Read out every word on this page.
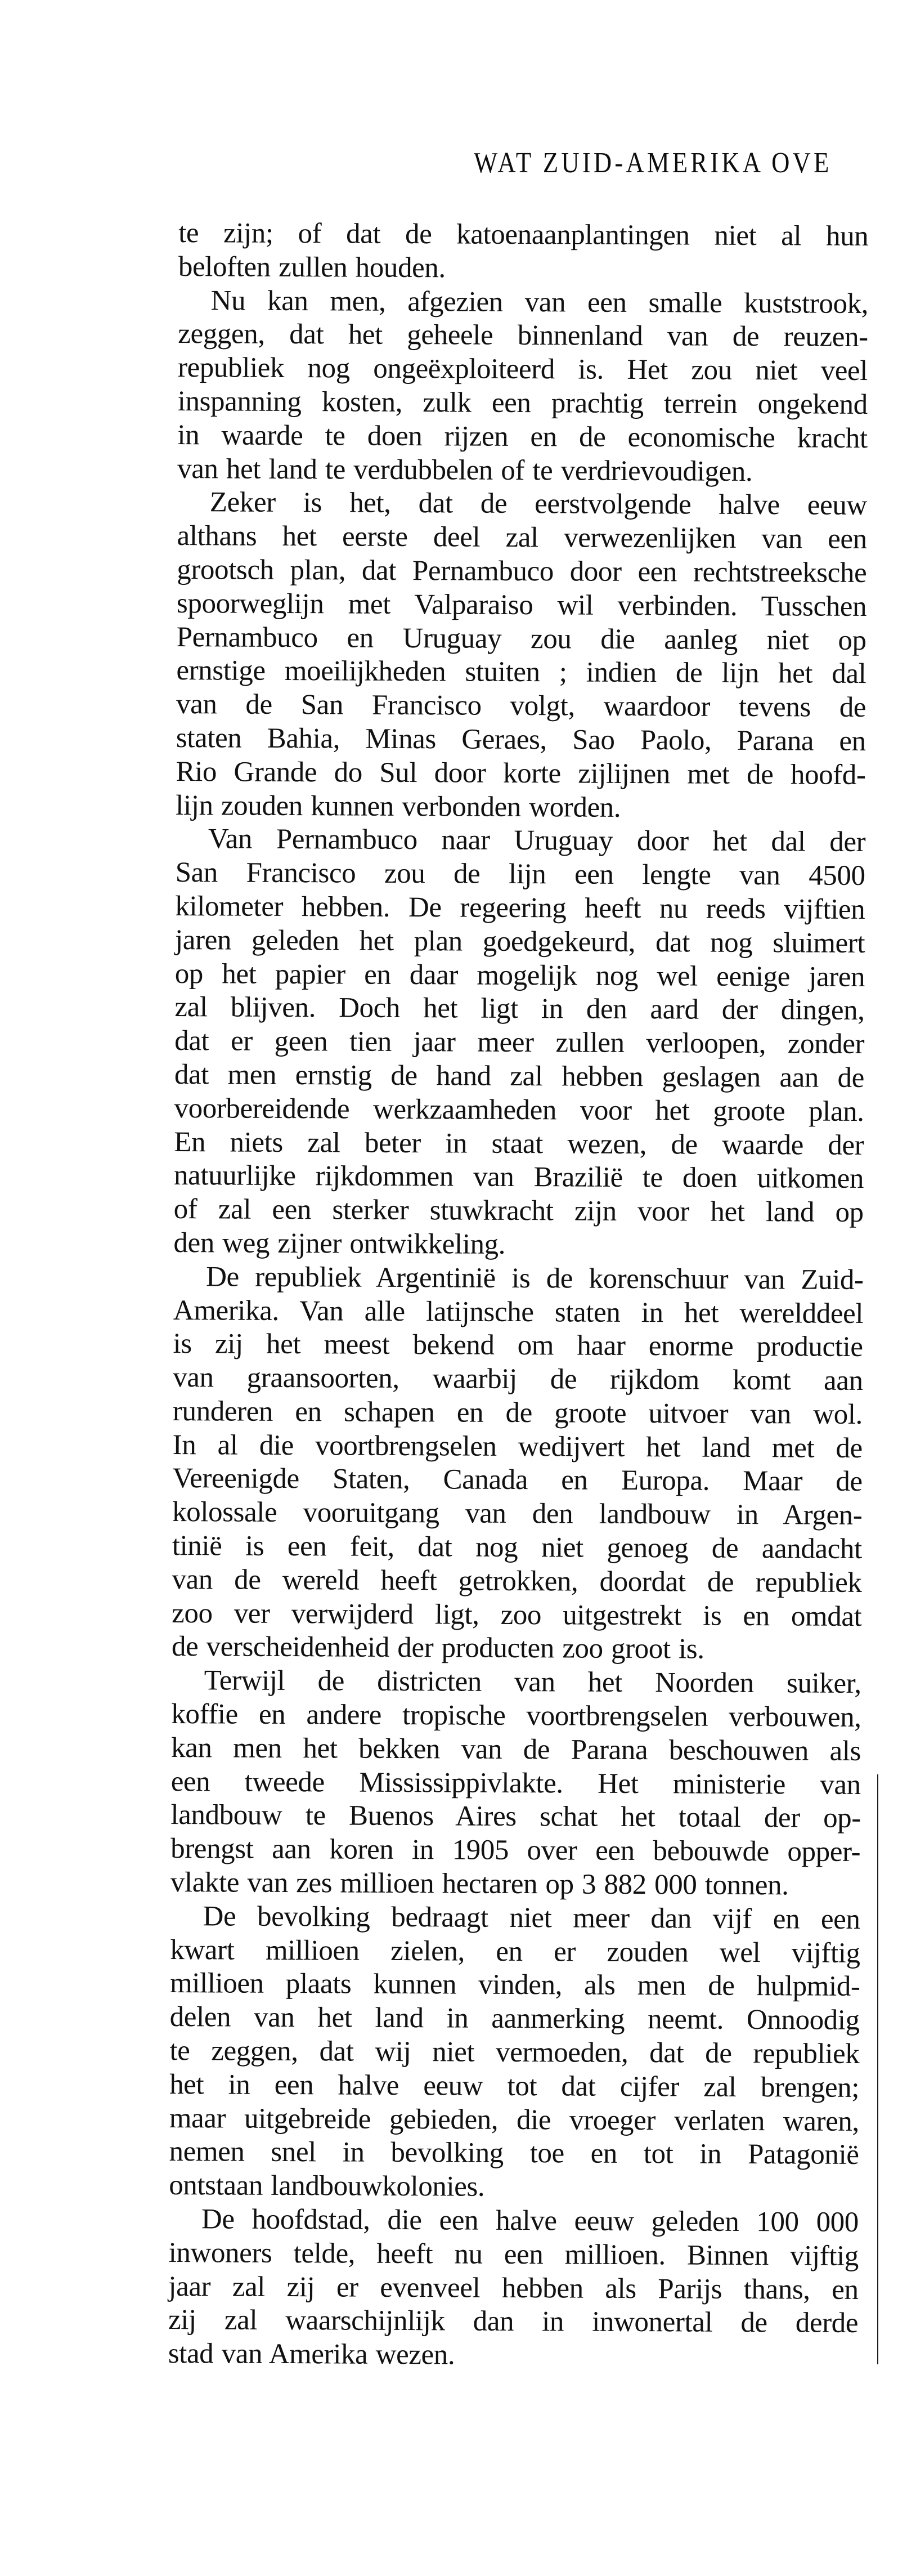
WAT ZUID-AMERIKA OVE
te zijn; of dat de katoenaanplantingen niet al hun
beloften zullen houden.
Nu kan men, afgezien van een smalle kuststrook,
zeggen, dat het geheele binnenland van de reuzen-
republiek nog ongeëxploiteerd is. Het zou niet veel
inspanning kosten, zulk een prachtig terrein ongekend
in waarde te doen rijzen en de economische kracht
van het land te verdubbelen of te verdrievoudigen.
Zeker is het, dat de eerstvolgende halve eeuw
althans het eerste deel zal verwezenlijken van een
grootsch plan, dat Pernambuco door een rechtstreeksche
spoorweglijn met Valparaiso wil verbinden. Tusschen
Pernambuco en Uruguay zou die aanleg niet op
ernstige moeilijkheden stuiten ; indien de lijn het dal
van de San Francisco volgt, waardoor tevens de
staten Bahia, Minas Geraes, Sao Paolo, Parana en
Rio Grande do Sul door korte zijlijnen met de hoofd-
lijn zouden kunnen verbonden worden.
Van Pernambuco naar Uruguay door het dal der
San Francisco zou de lijn een lengte van 4500
kilometer hebben. De regeering heeft nu reeds vijftien
jaren geleden het plan goedgekeurd, dat nog sluimert
op het papier en daar mogelijk nog wel eenige jaren
zal blijven. Doch het ligt in den aard der dingen,
dat er geen tien jaar meer zullen verloopen, zonder
dat men ernstig de hand zal hebben geslagen aan de
voorbereidende werkzaamheden voor het groote plan.
En niets zal beter in staat wezen, de waarde der
natuurlijke rijkdommen van Brazilië te doen uitkomen
of zal een sterker stuwkracht zijn voor het land op
den weg zijner ontwikkeling.
De republiek Argentinië is de korenschuur van Zuid-
Amerika. Van alle latijnsche staten in het werelddeel
is zij het meest bekend om haar enorme productie
van graansoorten, waarbij de rijkdom komt aan
runderen en schapen en de groote uitvoer van wol.
In al die voortbrengselen wedijvert het land met de
Vereenigde Staten, Canada en Europa. Maar de
kolossale vooruitgang van den landbouw in Argen-
tinië is een feit, dat nog niet genoeg de aandacht
van de wereld heeft getrokken, doordat de republiek
zoo ver verwijderd ligt, zoo uitgestrekt is en omdat
de verscheidenheid der producten zoo groot is.
Terwijl de districten van het Noorden suiker,
koffie en andere tropische voortbrengselen verbouwen,
kan men het bekken van de Parana beschouwen als
een tweede Mississippivlakte. Het ministerie van
landbouw te Buenos Aires schat het totaal der op-
brengst aan koren in 1905 over een bebouwde opper-
vlakte van zes millioen hectaren op 3 882 000 tonnen.
De bevolking bedraagt niet meer dan vijf en een
kwart millioen zielen, en er zouden wel vijftig
millioen plaats kunnen vinden, als men de hulpmid-
delen van het land in aanmerking neemt. Onnoodig
te zeggen, dat wij niet vermoeden, dat de republiek
het in een halve eeuw tot dat cijfer zal brengen;
maar uitgebreide gebieden, die vroeger verlaten waren,
nemen snel in bevolking toe en tot in Patagonië
ontstaan landbouwkolonies.
De hoofdstad, die een halve eeuw geleden 100 000
inwoners telde, heeft nu een millioen. Binnen vijftig
jaar zal zij er evenveel hebben als Parijs thans, en
zij zal waarschijnlijk dan in inwonertal de derde
stad van Amerika wezen.
